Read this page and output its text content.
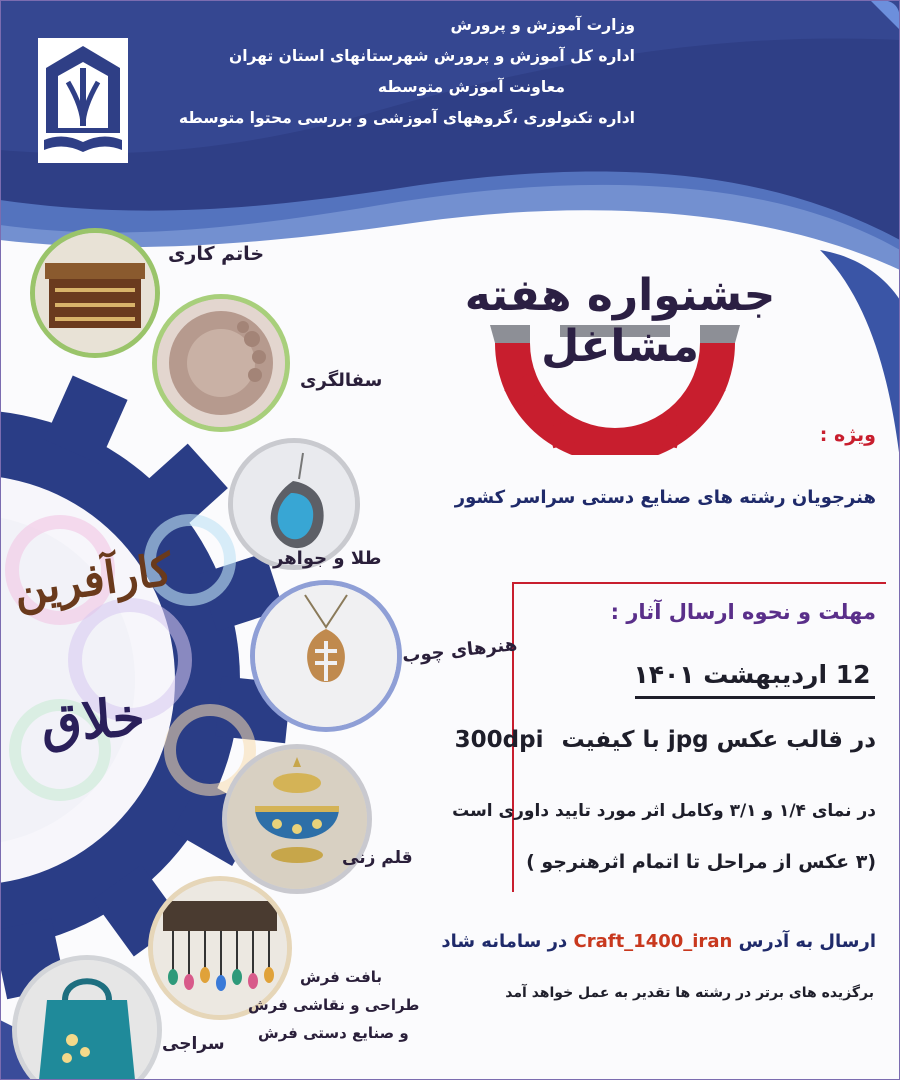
وزارت آموزش و پرورش
اداره کل آموزش و پرورش شهرستانهای استان تهران
معاونت آموزش متوسطه
اداره تکنولوری ،گروههای آموزشی و بررسی محتوا متوسطه
جشنواره هفته مشاغل
ویژه :
هنرجویان رشته های صنایع دستی سراسر کشور
مهلت و نحوه ارسال آثار :
12 اردیبهشت ۱۴۰۱
در قالب عکس jpg با کیفیت 300dpi
در نمای ۱/۴ و ۳/۱ وکامل اثر مورد تایید داوری است
(۳ عکس از مراحل تا اتمام اثرهنرجو )
ارسال به آدرس Craft_1400_iran در سامانه شاد
برگزیده های برتر در رشته ها تقدیر به عمل خواهد آمد
کارآفرین
خلاق
خاتم کاری
سفالگری
طلا و جواهر
هنرهای چوب
قلم زنی
بافت فرش
طراحی و نقاشی فرش
و صنایع دستی فرش
سراجی
